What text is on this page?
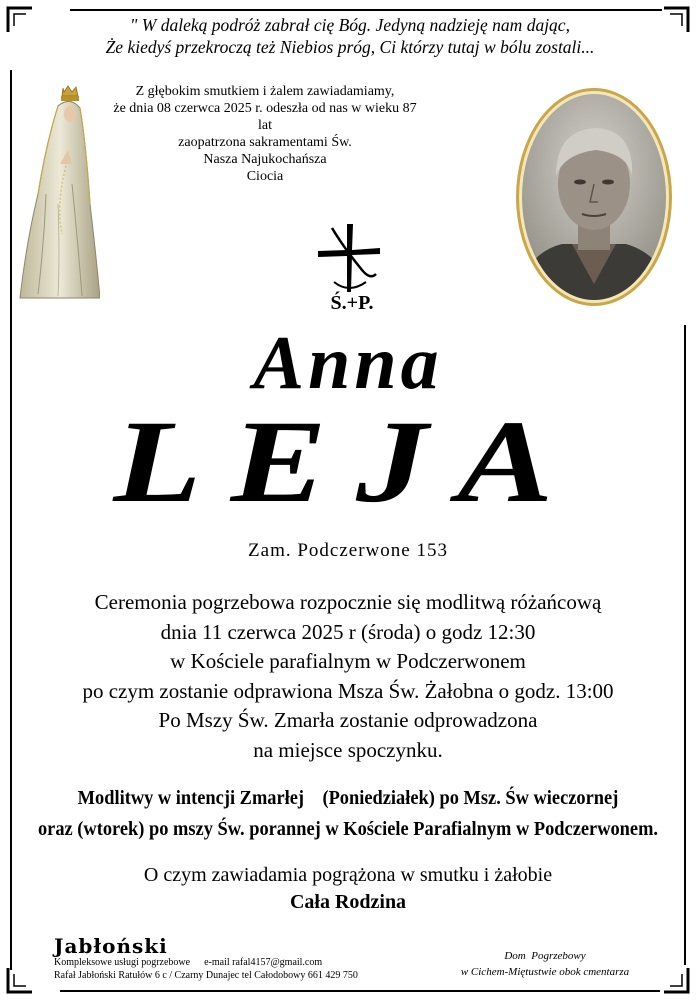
" W daleką podróż zabrał cię Bóg. Jedyną nadzieję nam dając,
Że kiedyś przekroczą też Niebios próg, Ci którzy tutaj w bólu zostali...
Z głębokim smutkiem i żalem zawiadamiamy,
że dnia 08 czerwca 2025 r. odeszła od nas w wieku 87 lat
zaopatrzona sakramentami Św.
Nasza Najukochańsza
Ciocia
Ś.+P.
Anna
LEJA
Zam. Podczerwone 153
Ceremonia pogrzebowa rozpocznie się modlitwą różańcową
dnia 11 czerwca 2025 r (środa) o godz 12:30
w Kościele parafialnym w Podczerwonem
po czym zostanie odprawiona Msza Św. Żałobna o godz. 13:00
Po Mszy Św. Zmarła zostanie odprowadzona
na miejsce spoczynku.
Modlitwy w intencji Zmarłej    (Poniedziałek) po Msz. Św wieczornej
oraz (wtorek) po mszy Św. porannej w Kościele Parafialnym w Podczerwonem.
O czym zawiadamia pogrążona w smutku i żałobie
Cała Rodzina
Jabłoński
Kompleksowe usługi pogrzebowe e-mail rafal4157@gmail.com
Rafał Jabłoński Ratułów 6 c / Czarny Dunajec tel Całodobowy 661 429 750
Dom  Pogrzebowy
w Cichem-Miętustwie obok cmentarza
